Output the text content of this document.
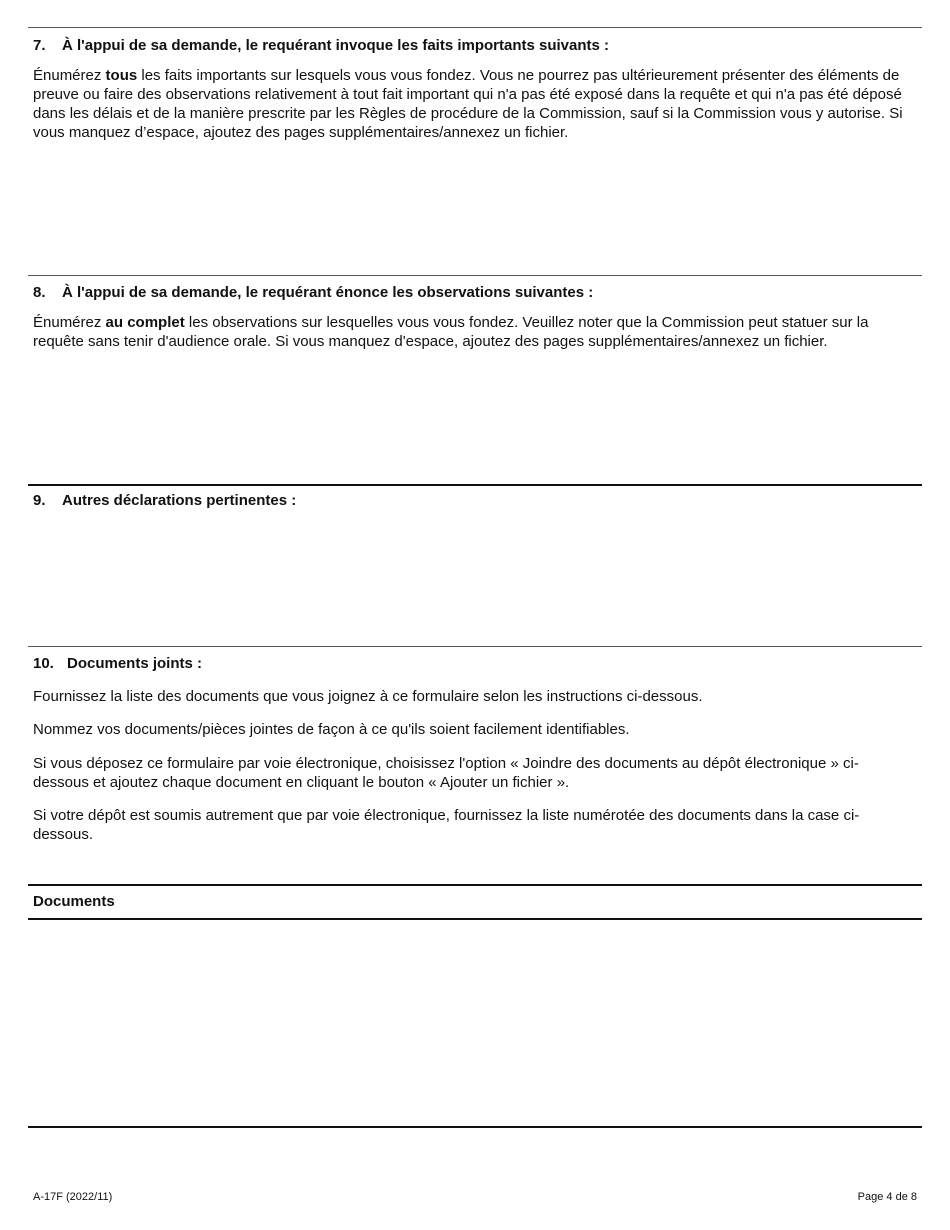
7. À l'appui de sa demande, le requérant invoque les faits importants suivants :
Énumérez tous les faits importants sur lesquels vous vous fondez. Vous ne pourrez pas ultérieurement présenter des éléments de preuve ou faire des observations relativement à tout fait important qui n'a pas été exposé dans la requête et qui n'a pas été déposé dans les délais et de la manière prescrite par les Règles de procédure de la Commission, sauf si la Commission vous y autorise. Si vous manquez d’espace, ajoutez des pages supplémentaires/annexez un fichier.
8. À l'appui de sa demande, le requérant énonce les observations suivantes :
Énumérez au complet les observations sur lesquelles vous vous fondez. Veuillez noter que la Commission peut statuer sur la requête sans tenir d'audience orale. Si vous manquez d'espace, ajoutez des pages supplémentaires/annexez un fichier.
9. Autres déclarations pertinentes :
10. Documents joints :
Fournissez la liste des documents que vous joignez à ce formulaire selon les instructions ci-dessous.
Nommez vos documents/pièces jointes de façon à ce qu'ils soient facilement identifiables.
Si vous déposez ce formulaire par voie électronique, choisissez l'option « Joindre des documents au dépôt électronique » ci-dessous et ajoutez chaque document en cliquant le bouton « Ajouter un fichier ».
Si votre dépôt est soumis autrement que par voie électronique, fournissez la liste numérotée des documents dans la case ci-dessous.
Documents
A-17F (2022/11)	Page 4 de 8
